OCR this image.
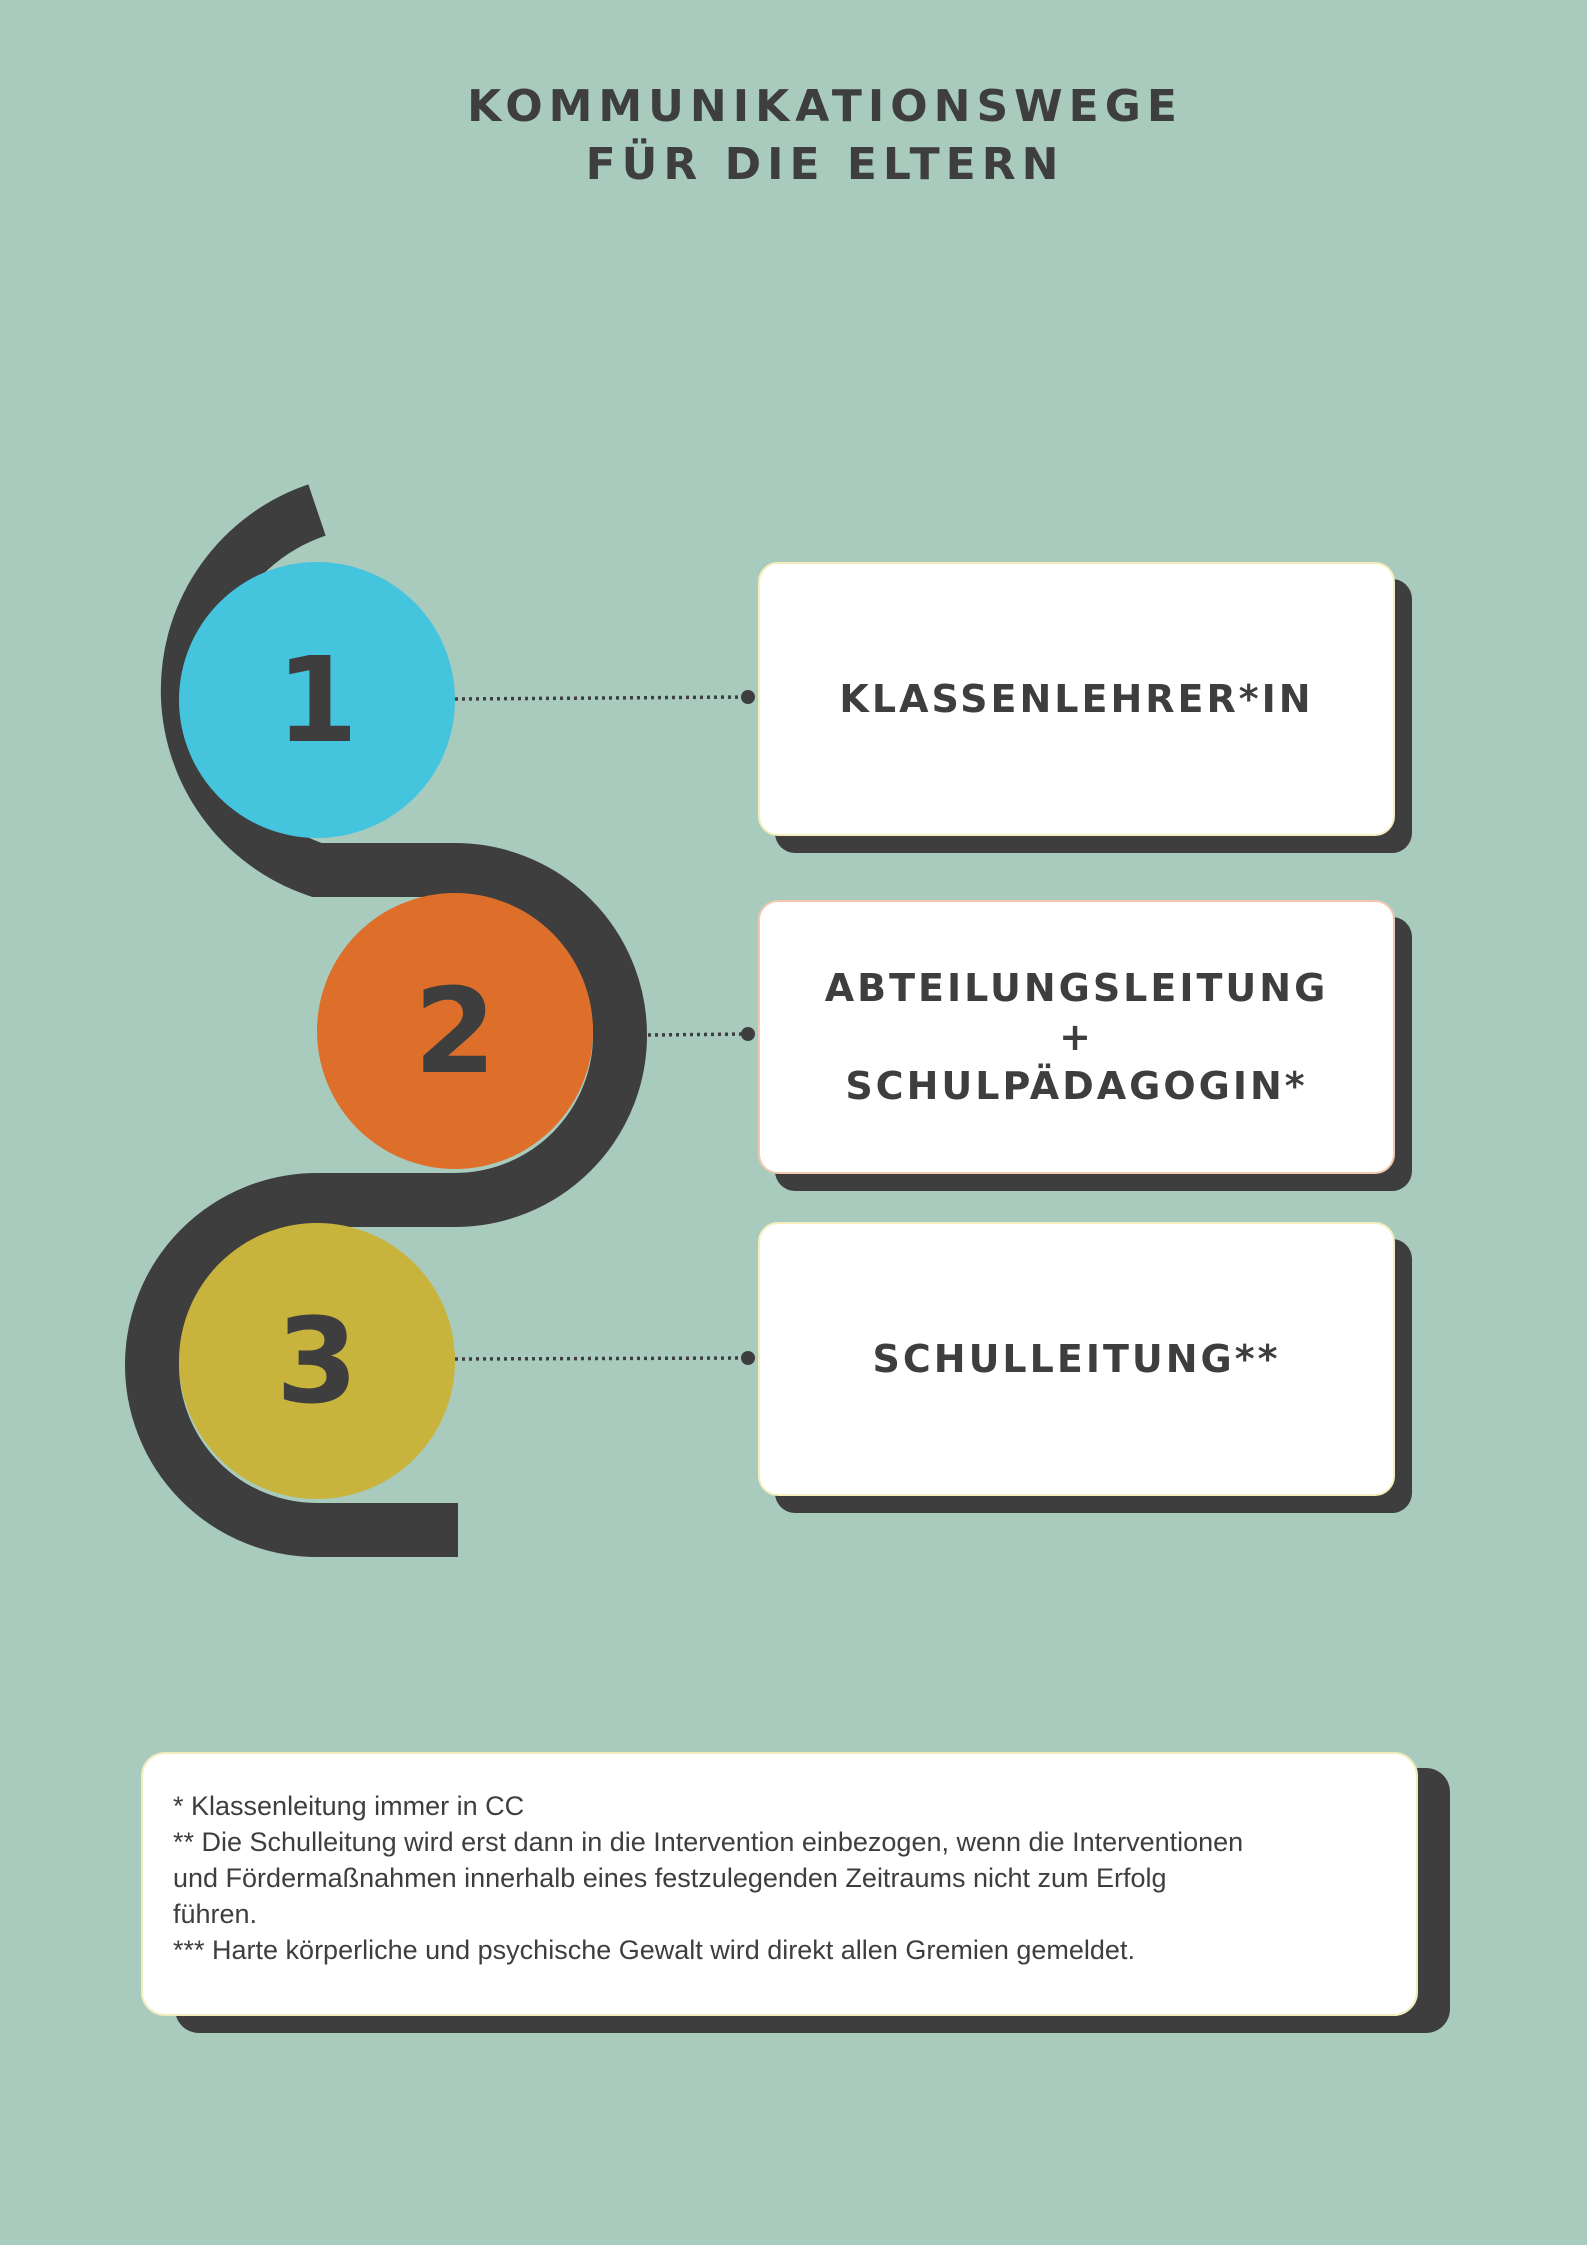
KOMMUNIKATIONSWEGE
FÜR DIE ELTERN
1
2
3
KLASSENLEHRER*IN
ABTEILUNGSLEITUNG
+
SCHULPÄDAGOGIN*
SCHULLEITUNG**
* Klassenleitung immer in CC
** Die Schulleitung wird erst dann in die Intervention einbezogen, wenn die Interventionen
und Fördermaßnahmen innerhalb eines festzulegenden Zeitraums nicht zum Erfolg
führen.
*** Harte körperliche und psychische Gewalt wird direkt allen Gremien gemeldet.
